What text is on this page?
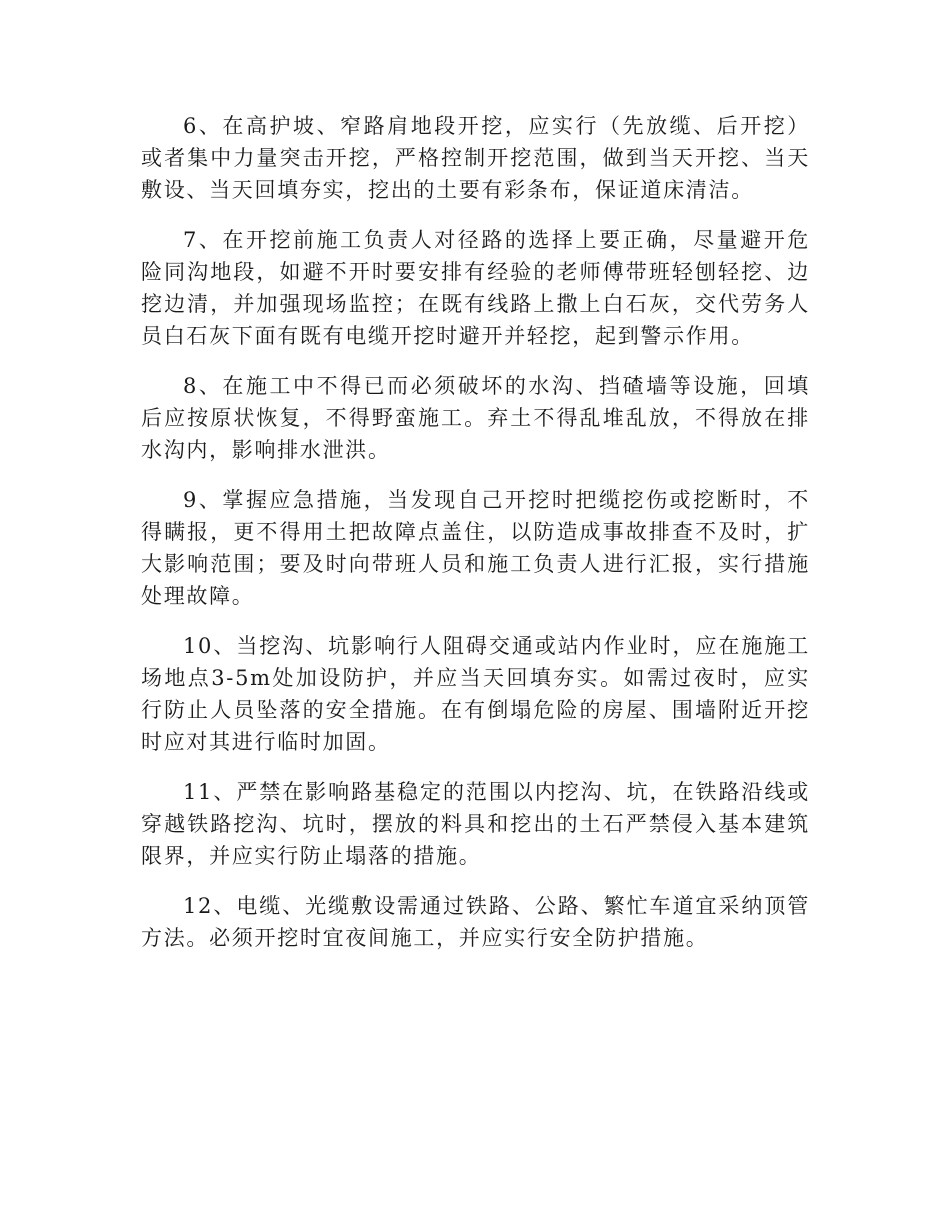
6、在高护坡、窄路肩地段开挖，应实行（先放缆、后开挖）或者集中力量突击开挖，严格控制开挖范围，做到当天开挖、当天敷设、当天回填夯实，挖出的土要有彩条布，保证道床清洁。

7、在开挖前施工负责人对径路的选择上要正确，尽量避开危险同沟地段，如避不开时要安排有经验的老师傅带班轻刨轻挖、边挖边清，并加强现场监控；在既有线路上撒上白石灰，交代劳务人员白石灰下面有既有电缆开挖时避开并轻挖，起到警示作用。

8、在施工中不得已而必须破坏的水沟、挡碴墙等设施，回填后应按原状恢复，不得野蛮施工。弃土不得乱堆乱放，不得放在排水沟内，影响排水泄洪。

9、掌握应急措施，当发现自己开挖时把缆挖伤或挖断时，不得瞒报，更不得用土把故障点盖住，以防造成事故排查不及时，扩大影响范围；要及时向带班人员和施工负责人进行汇报，实行措施处理故障。

10、当挖沟、坑影响行人阻碍交通或站内作业时，应在施施工场地点3-5m处加设防护，并应当天回填夯实。如需过夜时，应实行防止人员坠落的安全措施。在有倒塌危险的房屋、围墙附近开挖时应对其进行临时加固。

11、严禁在影响路基稳定的范围以内挖沟、坑，在铁路沿线或穿越铁路挖沟、坑时，摆放的料具和挖出的土石严禁侵入基本建筑限界，并应实行防止塌落的措施。

12、电缆、光缆敷设需通过铁路、公路、繁忙车道宜采纳顶管方法。必须开挖时宜夜间施工，并应实行安全防护措施。
